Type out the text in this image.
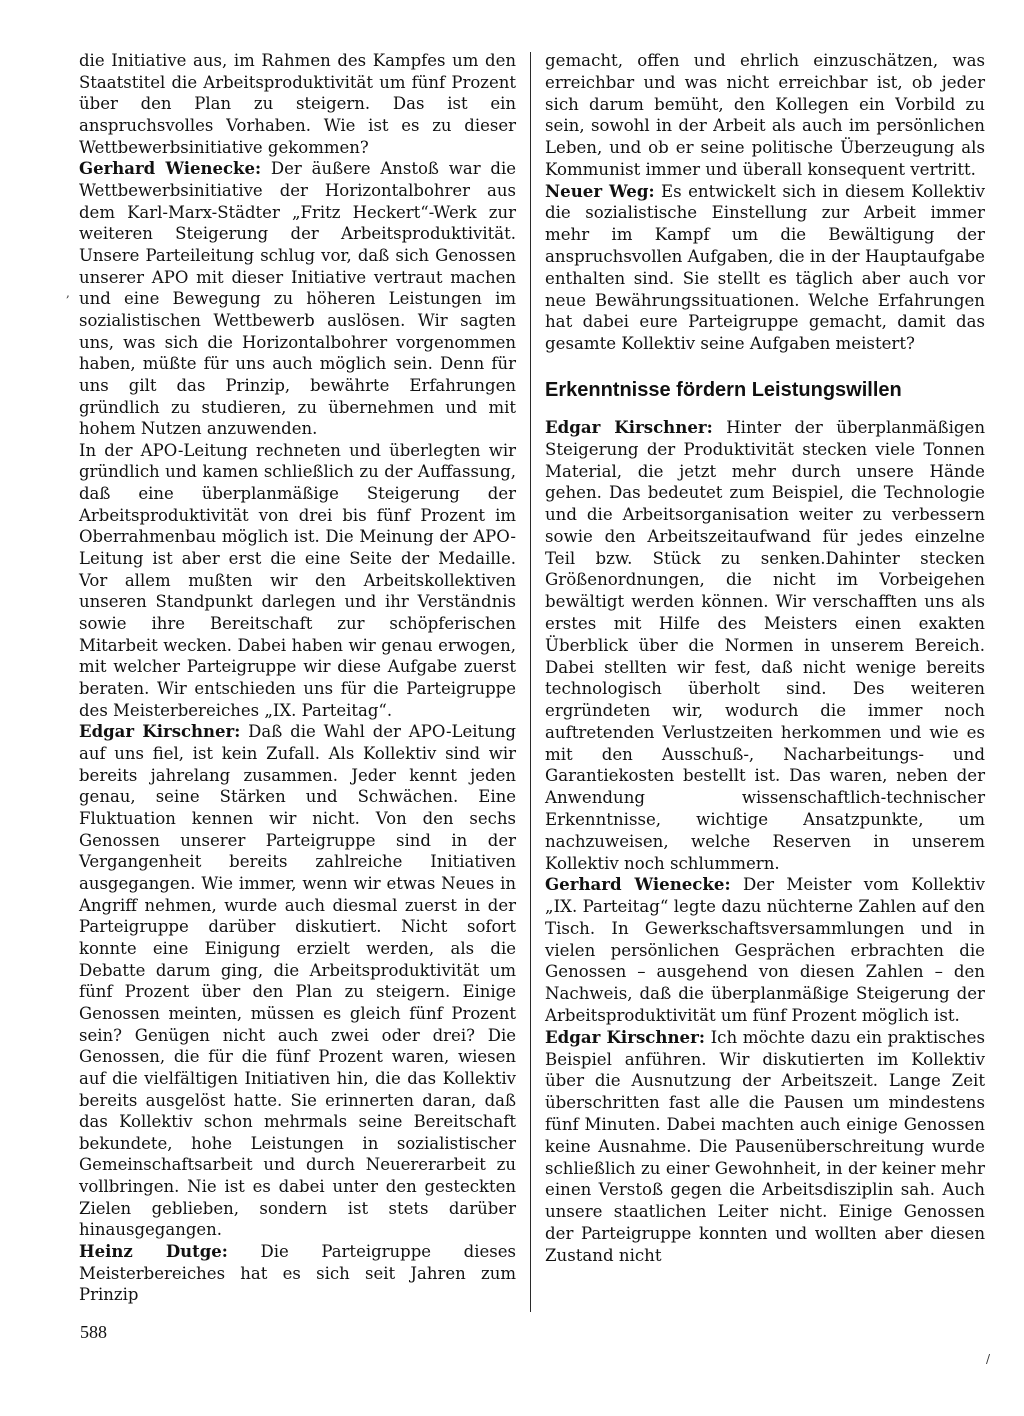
die Initiative aus, im Rahmen des Kampfes um den Staatstitel die Arbeitsproduktivität um fünf Prozent über den Plan zu steigern. Das ist ein anspruchsvolles Vorhaben. Wie ist es zu dieser Wettbewerbsinitiative gekommen?

Gerhard Wienecke: Der äußere Anstoß war die Wettbewerbsinitiative der Horizontalbohrer aus dem Karl-Marx-Städter „Fritz Heckert“-Werk zur weiteren Steigerung der Arbeitsproduktivität. Unsere Parteileitung schlug vor, daß sich Genossen unserer APO mit dieser Initiative vertraut machen und eine Bewegung zu höheren Leistungen im sozialistischen Wettbewerb auslösen. Wir sagten uns, was sich die Horizontalbohrer vorgenommen haben, müßte für uns auch möglich sein. Denn für uns gilt das Prinzip, bewährte Erfahrungen gründlich zu studieren, zu übernehmen und mit hohem Nutzen anzuwenden.

In der APO-Leitung rechneten und überlegten wir gründlich und kamen schließlich zu der Auffassung, daß eine überplanmäßige Steigerung der Arbeitsproduktivität von drei bis fünf Prozent im Oberrahmenbau möglich ist. Die Meinung der APO-Leitung ist aber erst die eine Seite der Medaille. Vor allem mußten wir den Arbeitskollektiven unseren Standpunkt darlegen und ihr Verständnis sowie ihre Bereitschaft zur schöpferischen Mitarbeit wecken. Dabei haben wir genau erwogen, mit welcher Parteigruppe wir diese Aufgabe zuerst beraten. Wir entschieden uns für die Parteigruppe des Meisterbereiches „IX. Parteitag“.

Edgar Kirschner: Daß die Wahl der APO-Leitung auf uns fiel, ist kein Zufall. Als Kollektiv sind wir bereits jahrelang zusammen. Jeder kennt jeden genau, seine Stärken und Schwächen. Eine Fluktuation kennen wir nicht. Von den sechs Genossen unserer Parteigruppe sind in der Vergangenheit bereits zahlreiche Initiativen ausgegangen. Wie immer, wenn wir etwas Neues in Angriff nehmen, wurde auch diesmal zuerst in der Parteigruppe darüber diskutiert. Nicht sofort konnte eine Einigung erzielt werden, als die Debatte darum ging, die Arbeitsproduktivität um fünf Prozent über den Plan zu steigern. Einige Genossen meinten, müssen es gleich fünf Prozent sein? Genügen nicht auch zwei oder drei? Die Genossen, die für die fünf Prozent waren, wiesen auf die vielfältigen Initiativen hin, die das Kollektiv bereits ausgelöst hatte. Sie erinnerten daran, daß das Kollektiv schon mehrmals seine Bereitschaft bekundete, hohe Leistungen in sozialistischer Gemeinschaftsarbeit und durch Neuererarbeit zu vollbringen. Nie ist es dabei unter den gesteckten Zielen geblieben, sondern ist stets darüber hinausgegangen.

Heinz Dutge: Die Parteigruppe dieses Meisterbereiches hat es sich seit Jahren zum Prinzip

gemacht, offen und ehrlich einzuschätzen, was erreichbar und was nicht erreichbar ist, ob jeder sich darum bemüht, den Kollegen ein Vorbild zu sein, sowohl in der Arbeit als auch im persönlichen Leben, und ob er seine politische Überzeugung als Kommunist immer und überall konsequent vertritt.

Neuer Weg: Es entwickelt sich in diesem Kollektiv die sozialistische Einstellung zur Arbeit immer mehr im Kampf um die Bewältigung der anspruchsvollen Aufgaben, die in der Hauptaufgabe enthalten sind. Sie stellt es täglich aber auch vor neue Bewährungssituationen. Welche Erfahrungen hat dabei eure Parteigruppe gemacht, damit das gesamte Kollektiv seine Aufgaben meistert?

Erkenntnisse fördern Leistungswillen

Edgar Kirschner: Hinter der überplanmäßigen Steigerung der Produktivität stecken viele Tonnen Material, die jetzt mehr durch unsere Hände gehen. Das bedeutet zum Beispiel, die Technologie und die Arbeitsorganisation weiter zu verbessern sowie den Arbeitszeitaufwand für jedes einzelne Teil bzw. Stück zu senken.Dahinter stecken Größenordnungen, die nicht im Vorbeigehen bewältigt werden können. Wir verschafften uns als erstes mit Hilfe des Meisters einen exakten Überblick über die Normen in unserem Bereich. Dabei stellten wir fest, daß nicht wenige bereits technologisch überholt sind. Des weiteren ergründeten wir, wodurch die immer noch auftretenden Verlustzeiten herkommen und wie es mit den Ausschuß-, Nacharbeitungs- und Garantiekosten bestellt ist. Das waren, neben der Anwendung wissenschaftlich-technischer Erkenntnisse, wichtige Ansatzpunkte, um nachzuweisen, welche Reserven in unserem Kollektiv noch schlummern.

Gerhard Wienecke: Der Meister vom Kollektiv „IX. Parteitag“ legte dazu nüchterne Zahlen auf den Tisch. In Gewerkschaftsversammlungen und in vielen persönlichen Gesprächen erbrachten die Genossen – ausgehend von diesen Zahlen – den Nachweis, daß die überplanmäßige Steigerung der Arbeitsproduktivität um fünf Prozent möglich ist.

Edgar Kirschner: Ich möchte dazu ein praktisches Beispiel anführen. Wir diskutierten im Kollektiv über die Ausnutzung der Arbeitszeit. Lange Zeit überschritten fast alle die Pausen um mindestens fünf Minuten. Dabei machten auch einige Genossen keine Ausnahme. Die Pausenüberschreitung wurde schließlich zu einer Gewohnheit, in der keiner mehr einen Verstoß gegen die Arbeitsdisziplin sah. Auch unsere staatlichen Leiter nicht. Einige Genossen der Parteigruppe konnten und wollten aber diesen Zustand nicht

588
,
/
